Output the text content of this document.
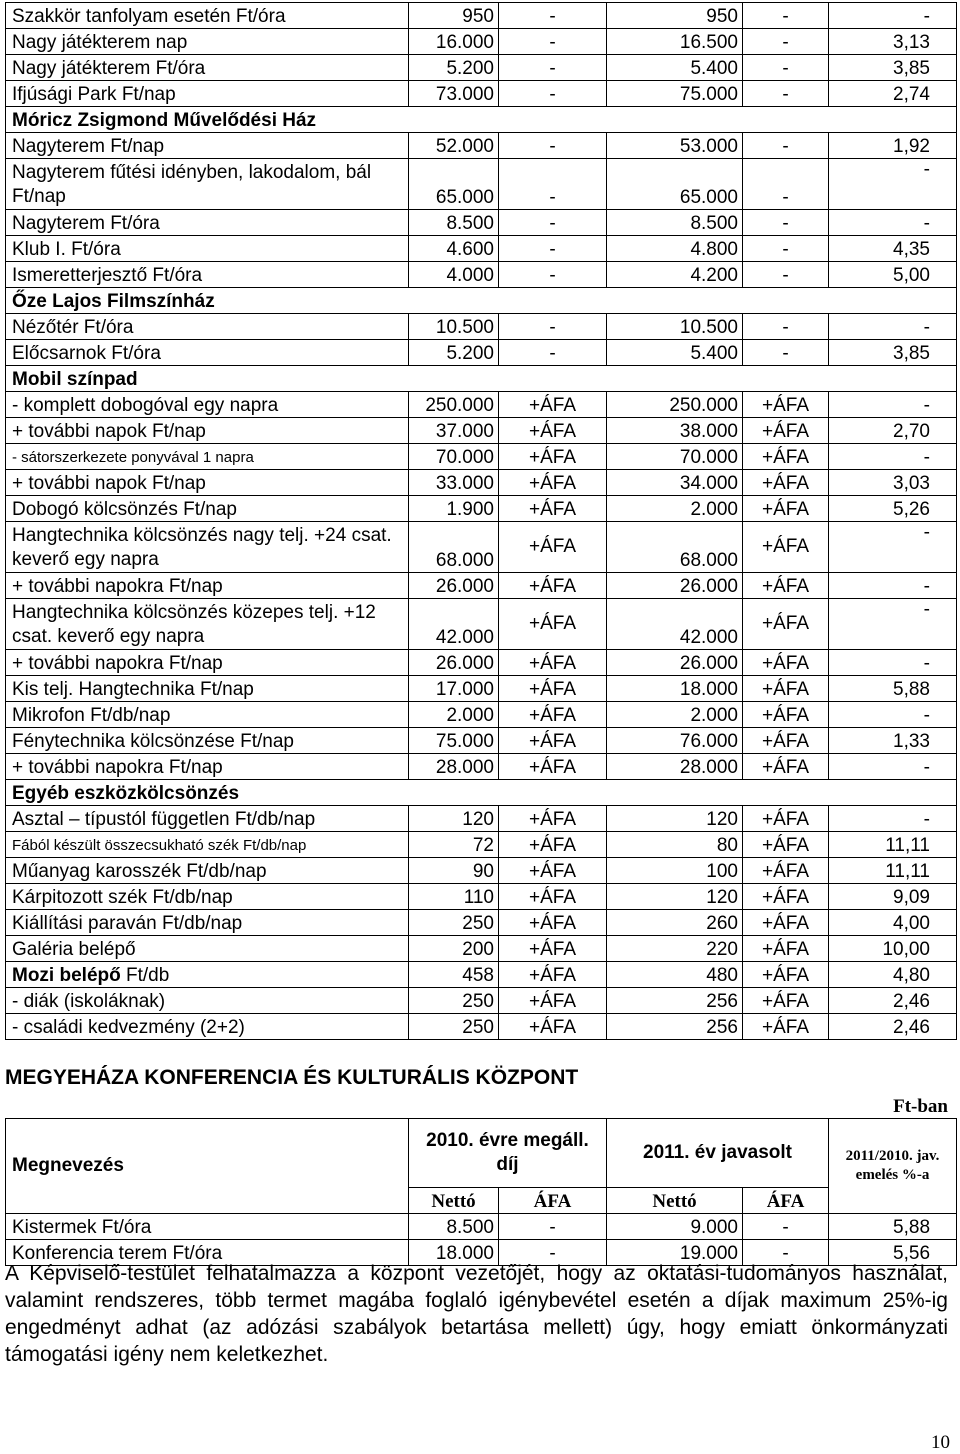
Szakkör tanfolyam esetén Ft/óra	950	-	950	-	-
Nagy játékterem nap	16.000	-	16.500	-	3,13
Nagy játékterem Ft/óra	5.200	-	5.400	-	3,85
Ifjúsági Park Ft/nap	73.000	-	75.000	-	2,74
Móricz Zsigmond Művelődési Ház					
Nagyterem Ft/nap	52.000	-	53.000	-	1,92
Nagyterem fűtési idényben, lakodalom, bál Ft/nap	65.000	-	65.000	-	-
Nagyterem Ft/óra	8.500	-	8.500	-	-
Klub I. Ft/óra	4.600	-	4.800	-	4,35
Ismeretterjesztő Ft/óra	4.000	-	4.200	-	5,00
Őze Lajos Filmszínház					
Nézőtér Ft/óra	10.500	-	10.500	-	-
Előcsarnok Ft/óra	5.200	-	5.400	-	3,85
Mobil színpad					
- komplett dobogóval egy napra	250.000	+ÁFA	250.000	+ÁFA	-
+ további napok Ft/nap	37.000	+ÁFA	38.000	+ÁFA	2,70
- sátorszerkezete ponyvával 1 napra	70.000	+ÁFA	70.000	+ÁFA	-
+ további napok Ft/nap	33.000	+ÁFA	34.000	+ÁFA	3,03
Dobogó kölcsönzés Ft/nap	1.900	+ÁFA	2.000	+ÁFA	5,26
Hangtechnika kölcsönzés nagy telj. +24 csat. keverő egy napra	68.000	+ÁFA	68.000	+ÁFA	-
+ további napokra Ft/nap	26.000	+ÁFA	26.000	+ÁFA	-
Hangtechnika kölcsönzés közepes telj. +12 csat. keverő egy napra	42.000	+ÁFA	42.000	+ÁFA	-
+ további napokra Ft/nap	26.000	+ÁFA	26.000	+ÁFA	-
Kis telj. Hangtechnika Ft/nap	17.000	+ÁFA	18.000	+ÁFA	5,88
Mikrofon Ft/db/nap	2.000	+ÁFA	2.000	+ÁFA	-
Fénytechnika kölcsönzése Ft/nap	75.000	+ÁFA	76.000	+ÁFA	1,33
+ további napokra Ft/nap	28.000	+ÁFA	28.000	+ÁFA	-
Egyéb eszközkölcsönzés					
Asztal – típustól független Ft/db/nap	120	+ÁFA	120	+ÁFA	-
Fából készült összecsukható szék Ft/db/nap	72	+ÁFA	80	+ÁFA	11,11
Műanyag karosszék Ft/db/nap	90	+ÁFA	100	+ÁFA	11,11
Kárpitozott szék Ft/db/nap	110	+ÁFA	120	+ÁFA	9,09
Kiállítási paraván Ft/db/nap	250	+ÁFA	260	+ÁFA	4,00
Galéria belépő	200	+ÁFA	220	+ÁFA	10,00
Mozi belépő Ft/db	458	+ÁFA	480	+ÁFA	4,80
- diák (iskoláknak)	250	+ÁFA	256	+ÁFA	2,46
- családi kedvezmény (2+2)	250	+ÁFA	256	+ÁFA	2,46
MEGYEHÁZA KONFERENCIA ÉS KULTURÁLIS KÖZPONT
Ft-ban
Megnevezés	2010. évre megáll. díj		2011. év javasolt		2011/2010. jav. emelés %-a
	Nettó	ÁFA	Nettó	ÁFA	
Kistermek Ft/óra	8.500	-	9.000	-	5,88
Konferencia terem Ft/óra	18.000	-	19.000	-	5,56

A Képviselő-testület felhatalmazza a központ vezetőjét, hogy az oktatási-tudományos használat, valamint rendszeres, több termet magába foglaló igénybevétel esetén a díjak maximum 25%-ig engedményt adhat (az adózási szabályok betartása mellett) úgy, hogy emiatt önkormányzati támogatási igény nem keletkezhet.

10
